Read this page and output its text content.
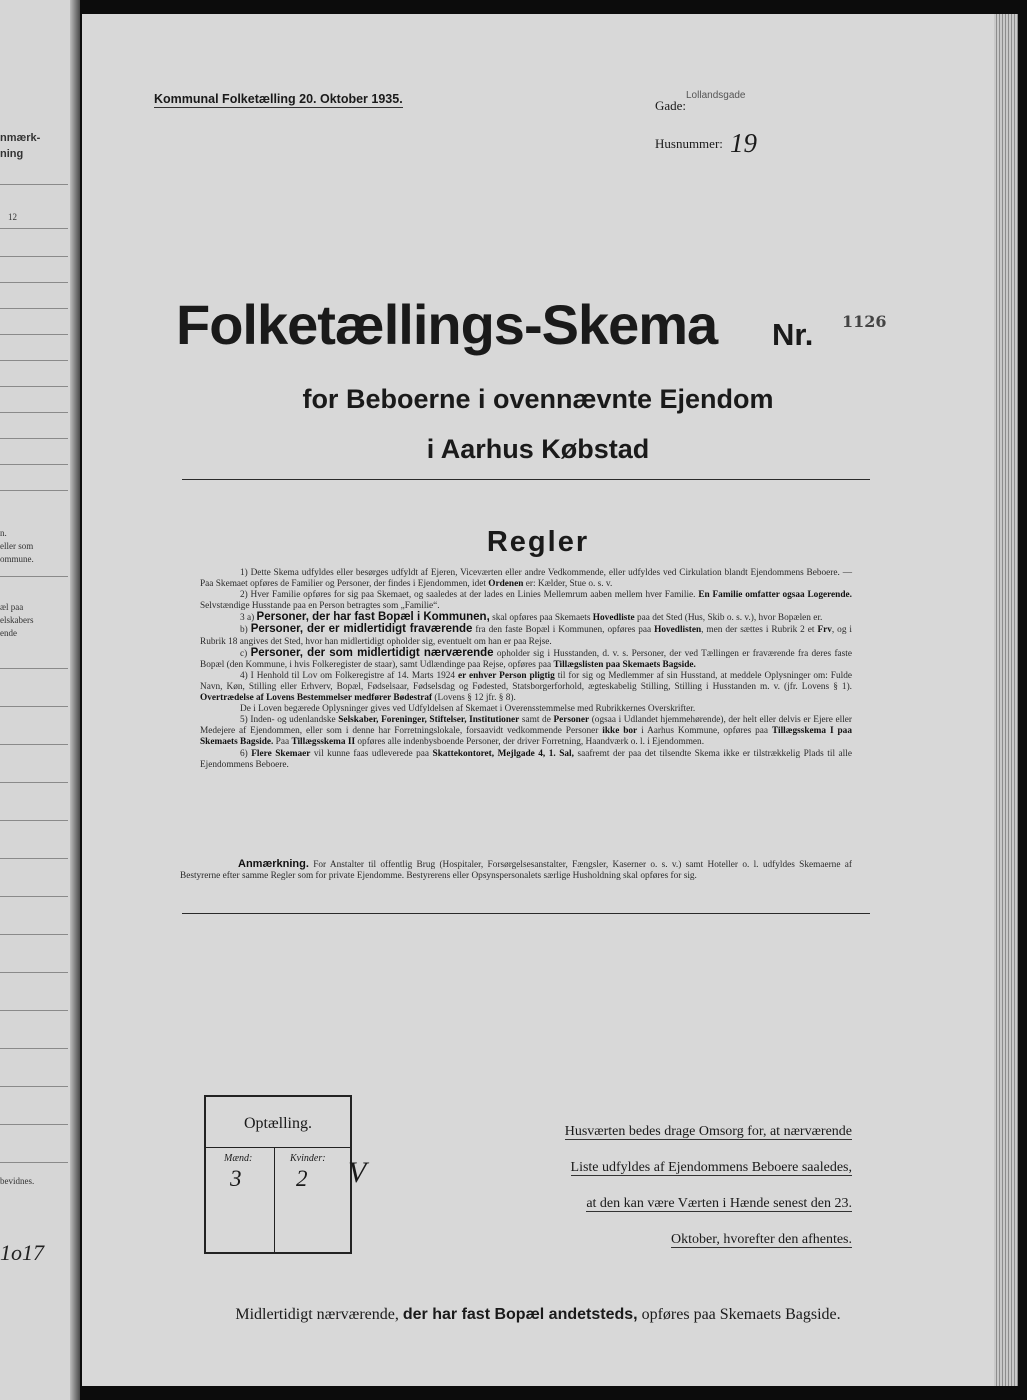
nmærk-
ning
12
n.
eller som
ommune.
æl paa
elskabers
ende
bevidnes.
1o17
Kommunal Folketælling 20. Oktober 1935.	Gade:
Lollandsgade
Husnummer: 19
Folketællings-Skema Nr. 1126
for Beboerne i ovennævnte Ejendom
i Aarhus Købstad
Regler

1) Dette Skema udfyldes eller besørges udfyldt af Ejeren, Viceværten eller andre Vedkommende, eller udfyldes ved Cirkulation blandt Ejendommens Beboere. — Paa Skemaet opføres de Familier og Personer, der findes i Ejendommen, idet Ordenen er: Kælder, Stue o. s. v.

2) Hver Familie opføres for sig paa Skemaet, og saaledes at der lades en Linies Mellemrum aaben mellem hver Familie. En Familie omfatter ogsaa Logerende. Selvstændige Husstande paa en Person betragtes som „Familie“.

3 a) Personer, der har fast Bopæl i Kommunen, skal opføres paa Skemaets Hovedliste paa det Sted (Hus, Skib o. s. v.), hvor Bopælen er.

b) Personer, der er midlertidigt fraværende fra den faste Bopæl i Kommunen, opføres paa Hovedlisten, men der sættes i Rubrik 2 et Frv, og i Rubrik 18 angives det Sted, hvor han midlertidigt opholder sig, eventuelt om han er paa Rejse.

c) Personer, der som midlertidigt nærværende opholder sig i Husstanden, d. v. s. Personer, der ved Tællingen er fraværende fra deres faste Bopæl (den Kommune, i hvis Folkeregister de staar), samt Udlændinge paa Rejse, opføres paa Tillægslisten paa Skemaets Bagside.

4) I Henhold til Lov om Folkeregistre af 14. Marts 1924 er enhver Person pligtig til for sig og Medlemmer af sin Husstand, at meddele Oplysninger om: Fulde Navn, Køn, Stilling eller Erhverv, Bopæl, Fødselsaar, Fødselsdag og Fødested, Statsborgerforhold, ægteskabelig Stilling, Stilling i Husstanden m. v. (jfr. Lovens § 1). Overtrædelse af Lovens Bestemmelser medfører Bødestraf (Lovens § 12 jfr. § 8).

De i Loven begærede Oplysninger gives ved Udfyldelsen af Skemaet i Overensstemmelse med Rubrikkernes Overskrifter.

5) Inden- og udenlandske Selskaber, Foreninger, Stiftelser, Institutioner samt de Personer (ogsaa i Udlandet hjemmehørende), der helt eller delvis er Ejere eller Medejere af Ejendommen, eller som i denne har Forretningslokale, forsaavidt vedkommende Personer ikke bor i Aarhus Kommune, opføres paa Tillægsskema I paa Skemaets Bagside. Paa Tillægsskema II opføres alle indenbysboende Personer, der driver Forretning, Haandværk o. l. i Ejendommen.

6) Flere Skemaer vil kunne faas udleverede paa Skattekontoret, Mejlgade 4, 1. Sal, saafremt der paa det tilsendte Skema ikke er tilstrækkelig Plads til alle Ejendommens Beboere.

Anmærkning. For Anstalter til offentlig Brug (Hospitaler, Forsørgelsesanstalter, Fængsler, Kaserner o. s. v.) samt Hoteller o. l. udfyldes Skemaerne af Bestyrerne efter samme Regler som for private Ejendomme. Bestyrerens eller Opsynspersonalets særlige Husholdning skal opføres for sig.
Optælling.
Mænd:	Kvinder:
3 2 V
Husværten bedes drage Omsorg for, at nærværende
Liste udfyldes af Ejendommens Beboere saaledes,
at den kan være Værten i Hænde senest den 23.
Oktober, hvorefter den afhentes.
Midlertidigt nærværende, der har fast Bopæl andetsteds, opføres paa Skemaets Bagside.
